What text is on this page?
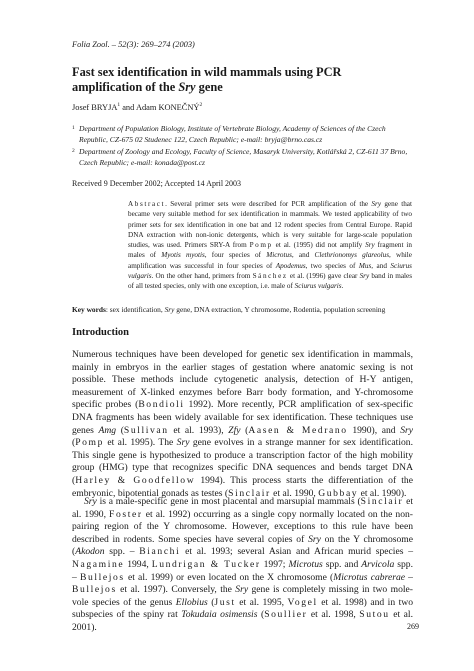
Folia Zool. – 52(3): 269–274 (2003)
Fast sex identification in wild mammals using PCR amplification of the Sry gene
Josef BRYJA$^1$ and Adam KONEČNÝ$^2$
1 Department of Population Biology, Institute of Vertebrate Biology, Academy of Sciences of the Czech Republic, CZ-675 02 Studenec 122, Czech Republic; e-mail: bryja@brno.cas.cz
2 Department of Zoology and Ecology, Faculty of Science, Masaryk University, Kotlářská 2, CZ-611 37 Brno, Czech Republic; e-mail: konada@post.cz
Received 9 December 2002; Accepted 14 April 2003
Abstract. Several primer sets were described for PCR amplification of the Sry gene that became very suitable method for sex identification in mammals. We tested applicability of two primer sets for sex identification in one bat and 12 rodent species from Central Europe. Rapid DNA extraction with non-ionic detergents, which is very suitable for large-scale population studies, was used. Primers SRY-A from Pomp et al. (1995) did not amplify Sry fragment in males of Myotis myotis, four species of Microtus, and Clethrionomys glareolus, while amplification was successful in four species of Apodemus, two species of Mus, and Sciurus vulgaris. On the other hand, primers from Sánchez et al. (1996) gave clear Sry band in males of all tested species, only with one exception, i.e. male of Sciurus vulgaris.
Key words: sex identification, Sry gene, DNA extraction, Y chromosome, Rodentia, population screening
Introduction
Numerous techniques have been developed for genetic sex identification in mammals, mainly in embryos in the earlier stages of gestation where anatomic sexing is not possible. These methods include cytogenetic analysis, detection of H-Y antigen, measurement of X-linked enzymes before Barr body formation, and Y-chromosome specific probes (Bondioli 1992). More recently, PCR amplification of sex-specific DNA fragments has been widely available for sex identification. These techniques use genes Amg (Sullivan et al. 1993), Zfy (Aasen & Medrano 1990), and Sry (Pomp et al. 1995). The Sry gene evolves in a strange manner for sex identification. This single gene is hypothesized to produce a transcription factor of the high mobility group (HMG) type that recognizes specific DNA sequences and bends target DNA (Harley & Goodfellow 1994). This process starts the differentiation of the embryonic, bipotential gonads as testes (Sinclair et al. 1990, Gubbay et al. 1990).
Sry is a male-specific gene in most placental and marsupial mammals (Sinclair et al. 1990, Foster et al. 1992) occurring as a single copy normally located on the non-pairing region of the Y chromosome. However, exceptions to this rule have been described in rodents. Some species have several copies of Sry on the Y chromosome (Akodon spp. – Bianchi et al. 1993; several Asian and African murid species – Nagamine 1994, Lundrigan & Tucker 1997; Microtus spp. and Arvicola spp. – Bullejos et al. 1999) or even located on the X chromosome (Microtus cabrerae – Bullejos et al. 1997). Conversely, the Sry gene is completely missing in two mole-vole species of the genus Ellobius (Just et al. 1995, Vogel et al. 1998) and in two subspecies of the spiny rat Tokudaia osimensis (Soullier et al. 1998, Sutou et al. 2001).	269
